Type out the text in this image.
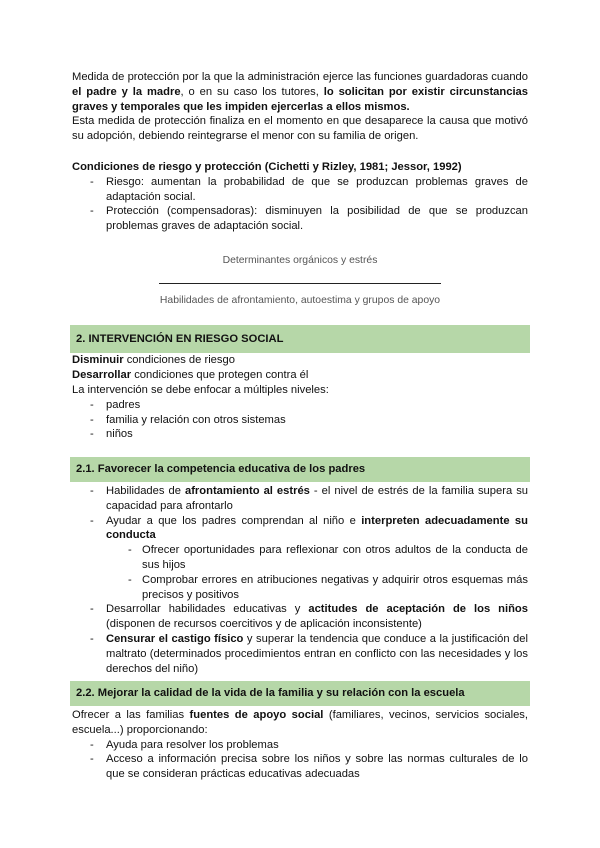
Medida de protección por la que la administración ejerce las funciones guardadoras cuando el padre y la madre, o en su caso los tutores, lo solicitan por existir circunstancias graves y temporales que les impiden ejercerlas a ellos mismos.

Esta medida de protección finaliza en el momento en que desaparece la causa que motivó su adopción, debiendo reintegrarse el menor con su familia de origen.

Condiciones de riesgo y protección (Cichetti y Rizley, 1981; Jessor, 1992)

- Riesgo: aumentan la probabilidad de que se produzcan problemas graves de adaptación social.
- Protección (compensadoras): disminuyen la posibilidad de que se produzcan problemas graves de adaptación social.
Determinantes orgánicos y estrés
Habilidades de afrontamiento, autoestima y grupos de apoyo
2. INTERVENCIÓN EN RIESGO SOCIAL

Disminuir condiciones de riesgo

Desarrollar condiciones que protegen contra él

La intervención se debe enfocar a múltiples niveles:

- padres
- familia y relación con otros sistemas
- niños
2.1. Favorecer la competencia educativa de los padres
- Habilidades de afrontamiento al estrés - el nivel de estrés de la familia supera su capacidad para afrontarlo
- Ayudar a que los padres comprendan al niño e interpreten adecuadamente su conducta
- Ofrecer oportunidades para reflexionar con otros adultos de la conducta de sus hijos
- Comprobar errores en atribuciones negativas y adquirir otros esquemas más precisos y positivos
- Desarrollar habilidades educativas y actitudes de aceptación de los niños (disponen de recursos coercitivos y de aplicación inconsistente)
- Censurar el castigo físico y superar la tendencia que conduce a la justificación del maltrato (determinados procedimientos entran en conflicto con las necesidades y los derechos del niño)
2.2. Mejorar la calidad de la vida de la familia y su relación con la escuela

Ofrecer a las familias fuentes de apoyo social (familiares, vecinos, servicios sociales, escuela...) proporcionando:

- Ayuda para resolver los problemas
- Acceso a información precisa sobre los niños y sobre las normas culturales de lo que se consideran prácticas educativas adecuadas
